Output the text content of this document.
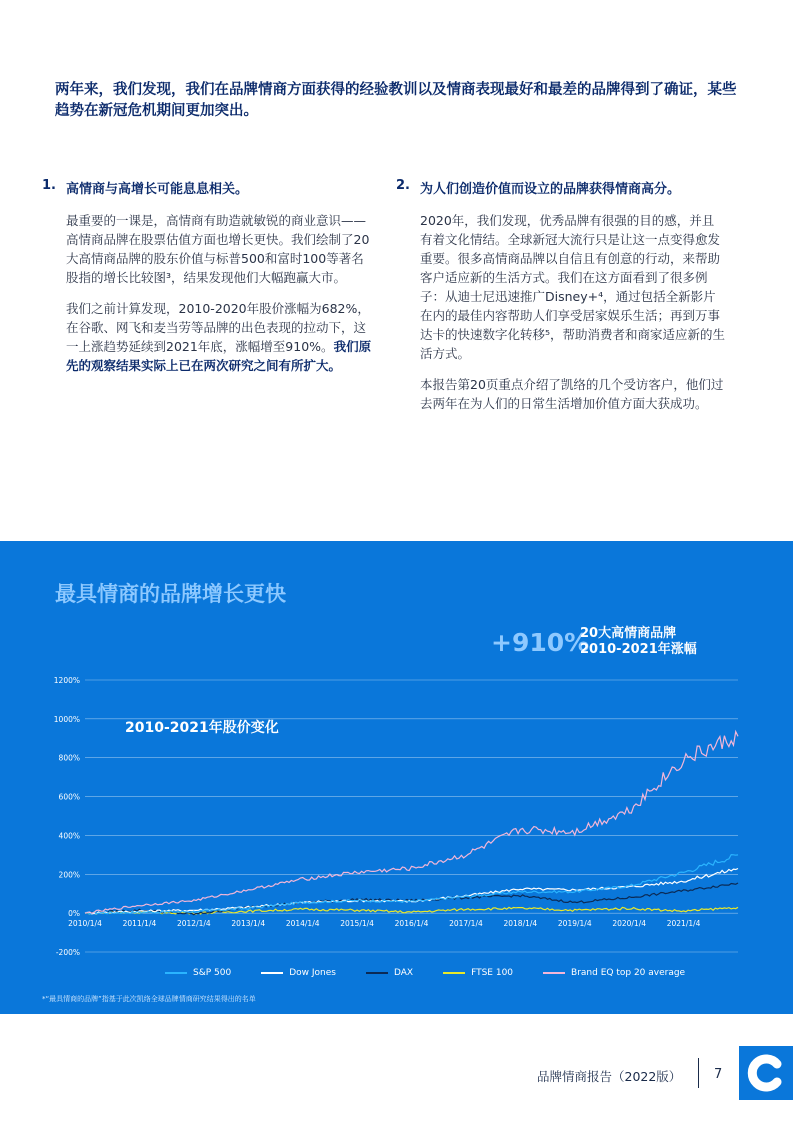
两年来，我们发现，我们在品牌情商方面获得的经验教训以及情商表现最好和最差的品牌得到了确证，某些趋势在新冠危机期间更加突出。
1. 高情商与高增长可能息息相关。

最重要的一课是，高情商有助造就敏锐的商业意识——高情商品牌在股票估值方面也增长更快。我们绘制了20大高情商品牌的股东价值与标普500和富时100等著名股指的增长比较图³，结果发现他们大幅跑赢大市。

我们之前计算发现，2010-2020年股价涨幅为682%，在谷歌、网飞和麦当劳等品牌的出色表现的拉动下，这一上涨趋势延续到2021年底，涨幅增至910%。我们原先的观察结果实际上已在两次研究之间有所扩大。

2. 为人们创造价值而设立的品牌获得情商高分。

2020年，我们发现，优秀品牌有很强的目的感，并且有着文化情结。全球新冠大流行只是让这一点变得愈发重要。很多高情商品牌以自信且有创意的行动，来帮助客户适应新的生活方式。我们在这方面看到了很多例子：从迪士尼迅速推广Disney+⁴，通过包括全新影片在内的最佳内容帮助人们享受居家娱乐生活；再到万事达卡的快速数字化转移⁵，帮助消费者和商家适应新的生活方式。

本报告第20页重点介绍了凯络的几个受访客户，他们过去两年在为人们的日常生活增加价值方面大获成功。

最具情商的品牌增长更快
+910%
20大高情商品牌
2010-2021年涨幅
1200%
1000%
800%
600%
400%
200%
0%
-200%
2010/1/4	2011/1/4	2012/1/4	2013/1/4	2014/1/4	2015/1/4	2016/1/4	2017/1/4	2018/1/4	2019/1/4	2020/1/4	2021/1/4
2010-2021年股价变化
S&P 500	Dow Jones	DAX	FTSE 100	Brand EQ top 20 average
*“最具情商的品牌”指基于此次凯络全球品牌情商研究结果得出的名单
品牌情商报告（2022版）	7
